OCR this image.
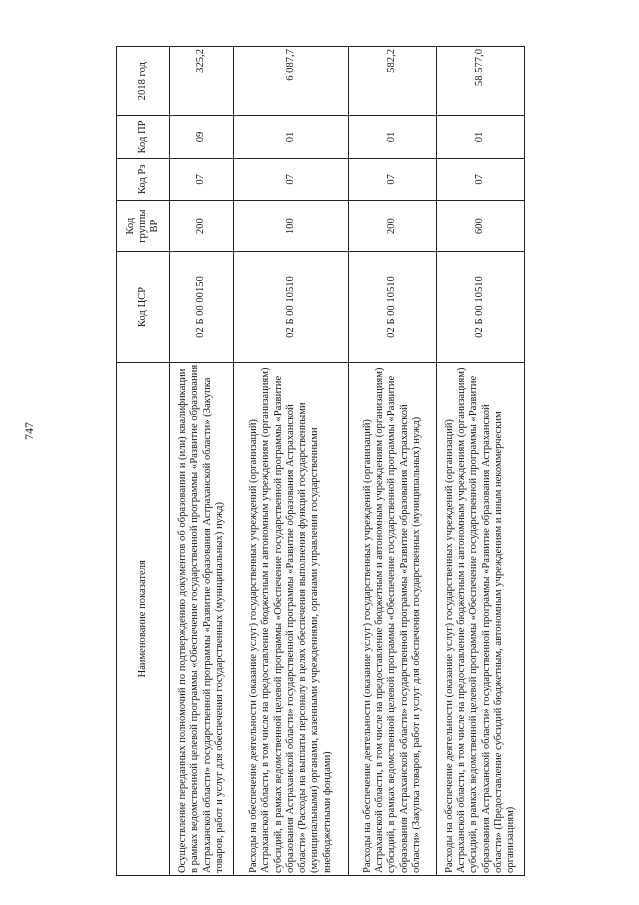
747
Наименование показателя	Код ЦСР	Код группы ВР	Код Рз	Код ПР	2018 год
Осуществление переданных полномочий по подтверждению документов об образовании и (или) квалификации в рамках ведомственной целевой программы «Обеспечение государственной программы «Развитие образования Астраханской области» государственной программы «Развитие образования Астраханской области» (Закупка товаров, работ и услуг для обеспечения государственных (муниципальных) нужд)	02 Б 00 00150	200	07	09	325,2
Расходы на обеспечение деятельности (оказание услуг) государственных учреждений (организаций) Астраханской области, в том числе на предоставление бюджетным и автономным учреждениям (организациям) субсидий, в рамках ведомственной целевой программы «Обеспечение государственной программы «Развитие образования Астраханской области» государственной программы «Развитие образования Астраханской области» (Расходы на выплаты персоналу в целях обеспечения выполнения функций государственными (муниципальными) органами, казенными учреждениями, органами управления государственными внебюджетными фондами)	02 Б 00 10510	100	07	01	6 087,7
Расходы на обеспечение деятельности (оказание услуг) государственных учреждений (организаций) Астраханской области, в том числе на предоставление бюджетным и автономным учреждениям (организациям) субсидий, в рамках ведомственной целевой программы «Обеспечение государственной программы «Развитие образования Астраханской области» государственной программы «Развитие образования Астраханской области» (Закупка товаров, работ и услуг для обеспечения государственных (муниципальных) нужд)	02 Б 00 10510	200	07	01	582,2
Расходы на обеспечение деятельности (оказание услуг) государственных учреждений (организаций) Астраханской области, в том числе на предоставление бюджетным и автономным учреждениям (организациям) субсидий, в рамках ведомственной целевой программы «Обеспечение государственной программы «Развитие образования Астраханской области» государственной программы «Развитие образования Астраханской области» (Предоставление субсидий бюджетным, автономным учреждениям и иным некоммерческим организациям)	02 Б 00 10510	600	07	01	58 577,0
